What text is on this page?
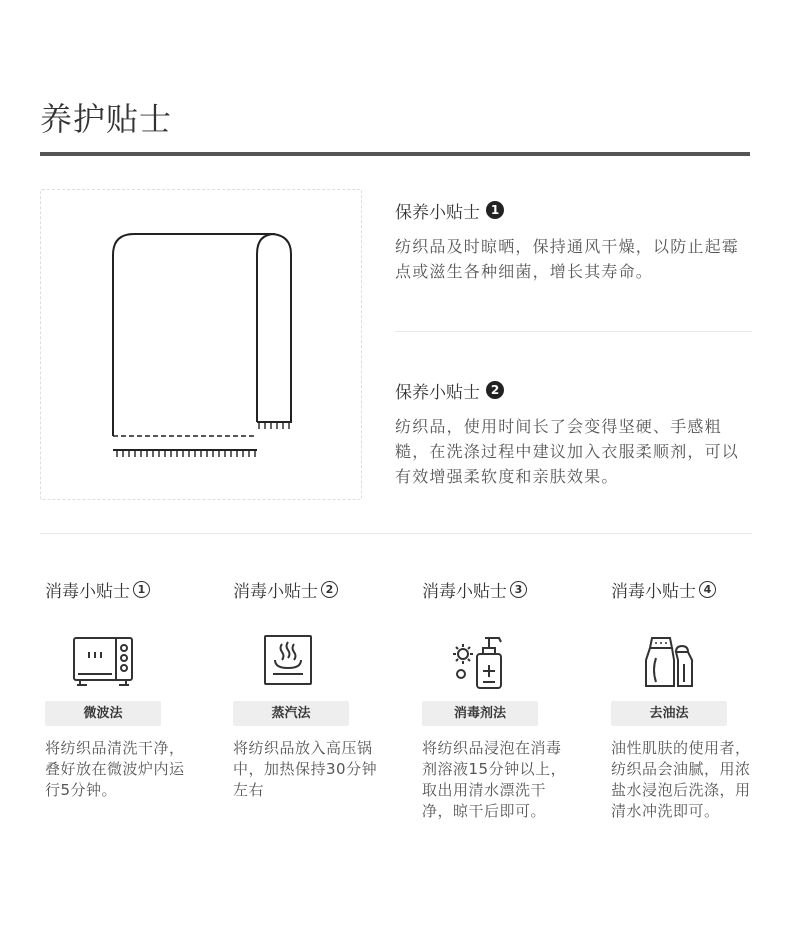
养护贴士
保养小贴士 1
纺织品及时晾晒，保持通风干燥，以防止起霉点或滋生各种细菌，增长其寿命。
保养小贴士 2
纺织品，使用时间长了会变得坚硬、手感粗糙，在洗涤过程中建议加入衣服柔顺剂，可以有效增强柔软度和亲肤效果。
消毒小贴士 1
微波法
将纺织品清洗干净，叠好放在微波炉内运行5分钟。
消毒小贴士 2
蒸汽法
将纺织品放入高压锅中，加热保持30分钟左右
消毒小贴士 3
消毒剂法
将纺织品浸泡在消毒剂溶液15分钟以上，取出用清水漂洗干净，晾干后即可。
消毒小贴士 4
去油法
油性肌肤的使用者，纺织品会油腻，用浓盐水浸泡后洗涤，用清水冲洗即可。
